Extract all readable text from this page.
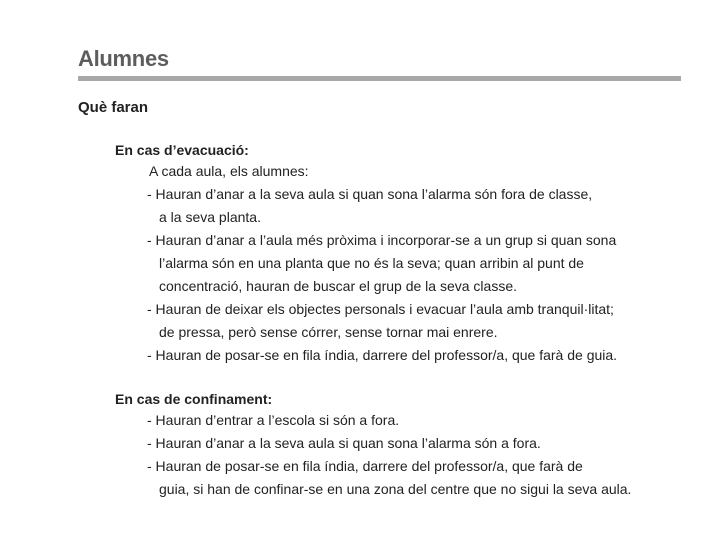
Alumnes
Què faran
En cas d’evacuació:
A cada aula, els alumnes:
- Hauran d’anar a la seva aula si quan sona l’alarma són fora de classe,
a la seva planta.
- Hauran d’anar a l’aula més pròxima i incorporar-se a un grup si quan sona
l’alarma són en una planta que no és la seva; quan arribin al punt de
concentració, hauran de buscar el grup de la seva classe.
- Hauran de deixar els objectes personals i evacuar l’aula amb tranquil·litat;
de pressa, però sense córrer, sense tornar mai enrere.
- Hauran de posar-se en fila índia, darrere del professor/a, que farà de guia.
En cas de confinament:
- Hauran d’entrar a l’escola si són a fora.
- Hauran d’anar a la seva aula si quan sona l’alarma són a fora.
- Hauran de posar-se en fila índia, darrere del professor/a, que farà de
guia, si han de confinar-se en una zona del centre que no sigui la seva aula.
